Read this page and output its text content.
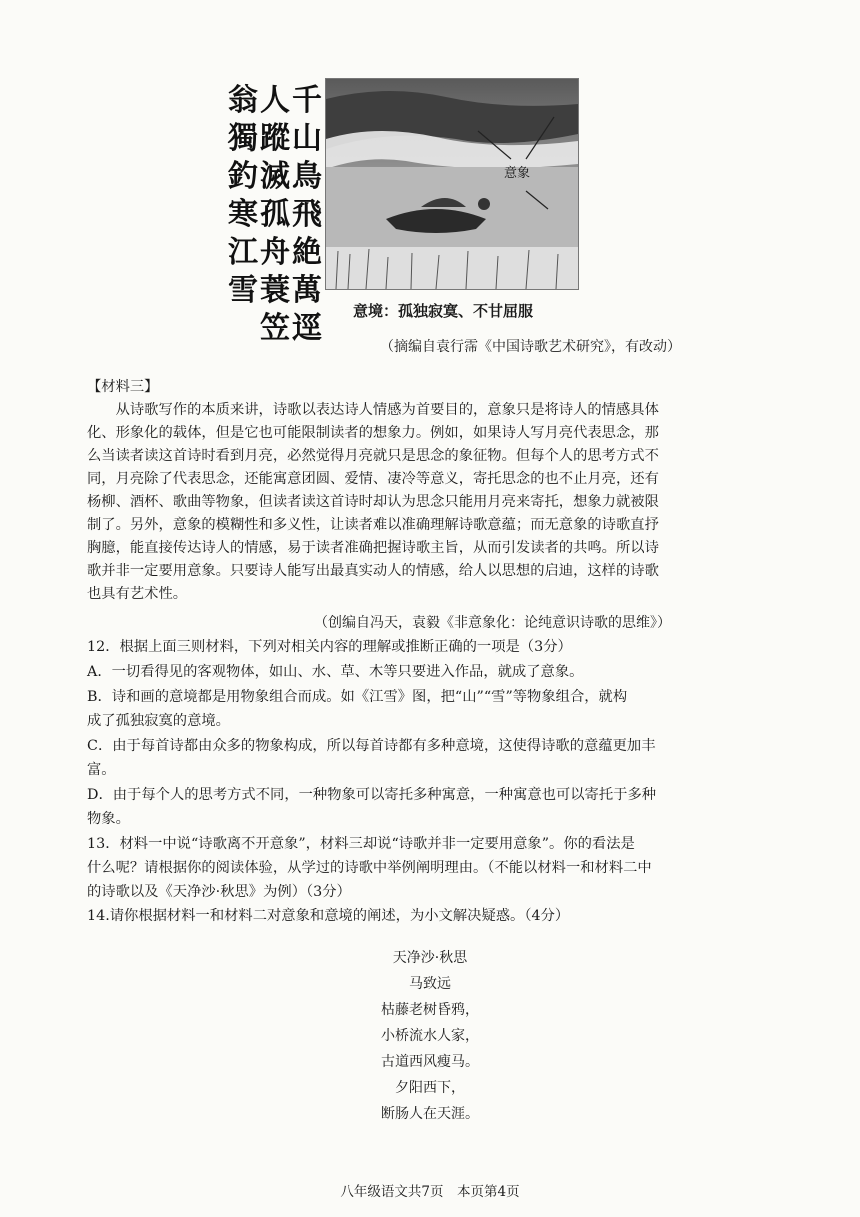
千
山
鳥
飛
絶
萬
逕
人
蹤
滅
孤
舟
蓑
笠
翁
獨
釣
寒
江
雪
意象
意境：孤独寂寞、不甘屈服
（摘编自袁行霈《中国诗歌艺术研究》，有改动）
【材料三】
从诗歌写作的本质来讲，诗歌以表达诗人情感为首要目的，意象只是将诗人的情感具体
化、形象化的载体，但是它也可能限制读者的想象力。例如，如果诗人写月亮代表思念，那
么当读者读这首诗时看到月亮，必然觉得月亮就只是思念的象征物。但每个人的思考方式不
同，月亮除了代表思念，还能寓意团圆、爱情、凄冷等意义，寄托思念的也不止月亮，还有
杨柳、酒杯、歌曲等物象，但读者读这首诗时却认为思念只能用月亮来寄托，想象力就被限
制了。另外，意象的模糊性和多义性，让读者难以准确理解诗歌意蕴；而无意象的诗歌直抒
胸臆，能直接传达诗人的情感，易于读者准确把握诗歌主旨，从而引发读者的共鸣。所以诗
歌并非一定要用意象。只要诗人能写出最真实动人的情感，给人以思想的启迪，这样的诗歌
也具有艺术性。
（创编自冯天，袁毅《非意象化：论纯意识诗歌的思维》）
12．根据上面三则材料，下列对相关内容的理解或推断正确的一项是（3分）
A．一切看得见的客观物体，如山、水、草、木等只要进入作品，就成了意象。
B．诗和画的意境都是用物象组合而成。如《江雪》图，把“山”“雪”等物象组合，就构
成了孤独寂寞的意境。
C．由于每首诗都由众多的物象构成，所以每首诗都有多种意境，这使得诗歌的意蕴更加丰
富。
D．由于每个人的思考方式不同，一种物象可以寄托多种寓意，一种寓意也可以寄托于多种
物象。
13．材料一中说“诗歌离不开意象”，材料三却说“诗歌并非一定要用意象”。你的看法是
什么呢？请根据你的阅读体验，从学过的诗歌中举例阐明理由。（不能以材料一和材料二中
的诗歌以及《天净沙·秋思》为例）（3分）
14.请你根据材料一和材料二对意象和意境的阐述，为小文解决疑惑。（4分）
天净沙·秋思
马致远
枯藤老树昏鸦，
小桥流水人家，
古道西风瘦马。
夕阳西下，
断肠人在天涯。
八年级语文共7页　本页第4页
